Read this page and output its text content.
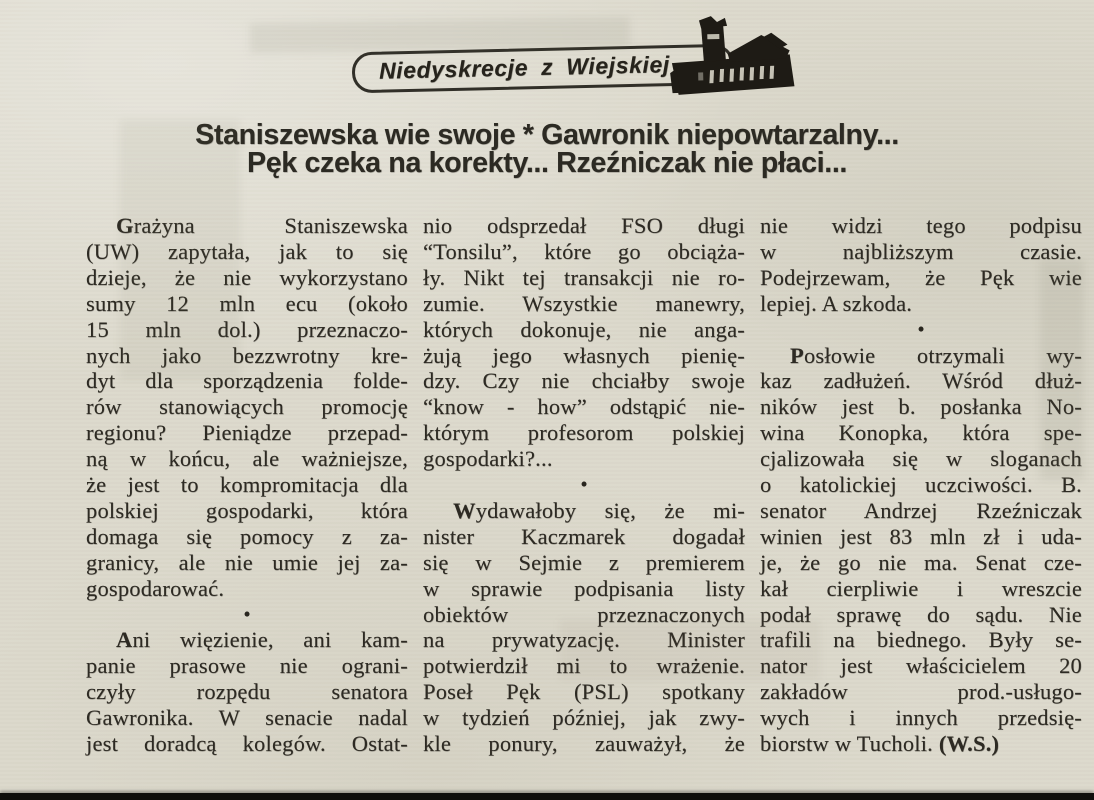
Niedyskrecje z Wiejskiej
Staniszewska wie swoje * Gawronik niepowtarzalny...
Pęk czeka na korekty... Rzeźniczak nie płaci...
Grażyna Staniszewska
(UW) zapytała, jak to się
dzieje, że nie wykorzystano
sumy 12 mln ecu (około
15 mln dol.) przeznaczo-
nych jako bezzwrotny kre-
dyt dla sporządzenia folde-
rów stanowiących promocję
regionu? Pieniądze przepad-
ną w końcu, ale ważniejsze,
że jest to kompromitacja dla
polskiej gospodarki, która
domaga się pomocy z za-
granicy, ale nie umie jej za-
gospodarować.
•
Ani więzienie, ani kam-
panie prasowe nie ograni-
czyły rozpędu senatora
Gawronika. W senacie nadal
jest doradcą kolegów. Ostat-
nio odsprzedał FSO długi
“Tonsilu”, które go obciąża-
ły. Nikt tej transakcji nie ro-
zumie. Wszystkie manewry,
których dokonuje, nie anga-
żują jego własnych pienię-
dzy. Czy nie chciałby swoje
“know - how” odstąpić nie-
którym profesorom polskiej
gospodarki?...
•
Wydawałoby się, że mi-
nister Kaczmarek dogadał
się w Sejmie z premierem
w sprawie podpisania listy
obiektów przeznaczonych
na prywatyzację. Minister
potwierdził mi to wrażenie.
Poseł Pęk (PSL) spotkany
w tydzień później, jak zwy-
kle ponury, zauważył, że
nie widzi tego podpisu
w najbliższym czasie.
Podejrzewam, że Pęk wie
lepiej. A szkoda.
•
Posłowie otrzymali wy-
kaz zadłużeń. Wśród dłuż-
ników jest b. posłanka No-
wina Konopka, która spe-
cjalizowała się w sloganach
o katolickiej uczciwości. B.
senator Andrzej Rzeźniczak
winien jest 83 mln zł i uda-
je, że go nie ma. Senat cze-
kał cierpliwie i wreszcie
podał sprawę do sądu. Nie
trafili na biednego. Były se-
nator jest właścicielem 20
zakładów prod.-usługo-
wych i innych przedsię-
biorstw w Tucholi. (W.S.)
